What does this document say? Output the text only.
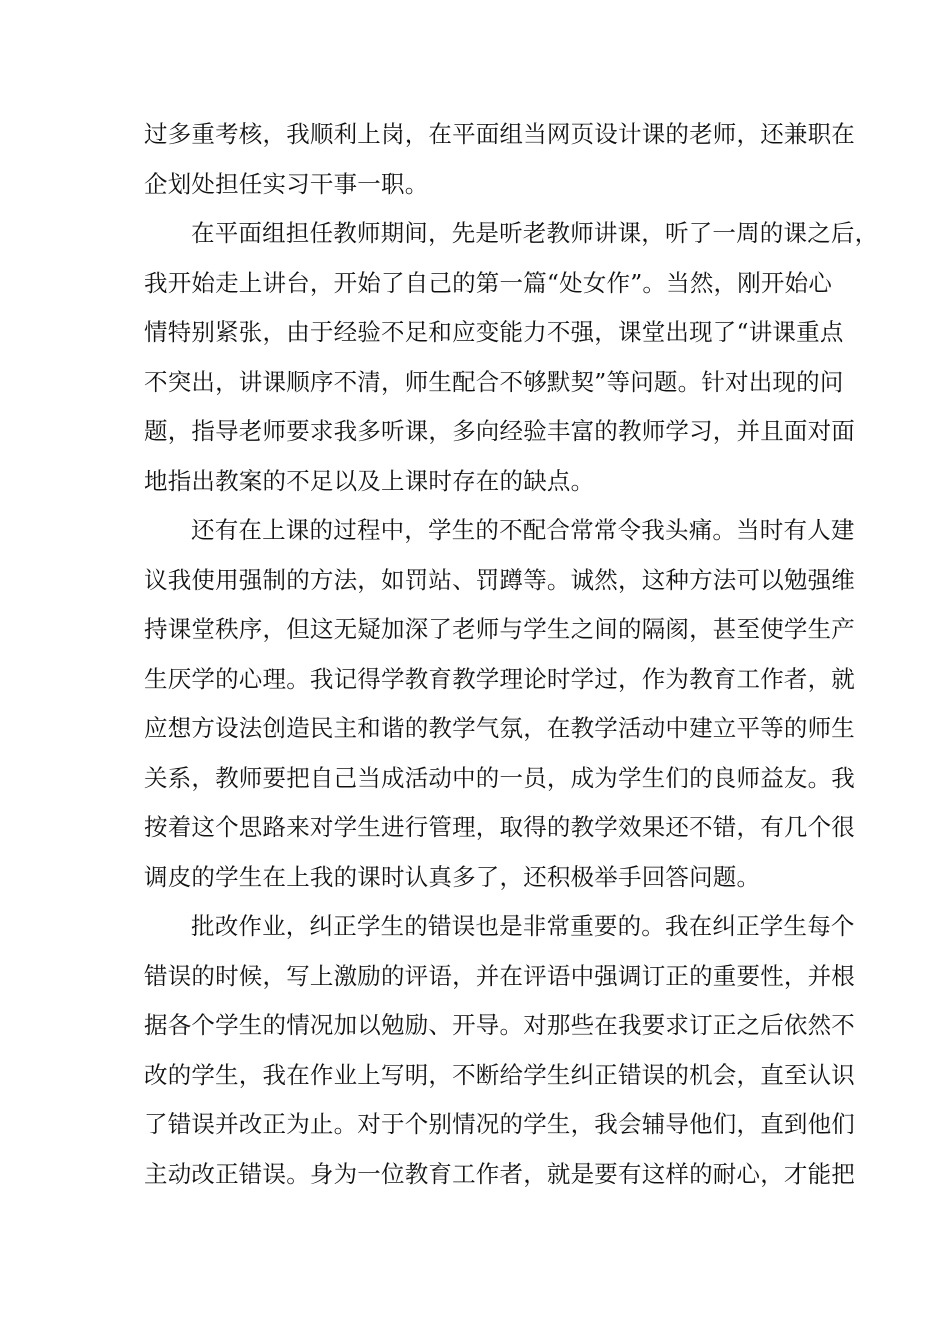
过多重考核，我顺利上岗，在平面组当网页设计课的老师，还兼职在
企划处担任实习干事一职。
在平面组担任教师期间，先是听老教师讲课，听了一周的课之后，
我开始走上讲台，开始了自己的第一篇“处女作”。当然，刚开始心
情特别紧张，由于经验不足和应变能力不强，课堂出现了“讲课重点
不突出，讲课顺序不清，师生配合不够默契”等问题。针对出现的问
题，指导老师要求我多听课，多向经验丰富的教师学习，并且面对面
地指出教案的不足以及上课时存在的缺点。
还有在上课的过程中，学生的不配合常常令我头痛。当时有人建
议我使用强制的方法，如罚站、罚蹲等。诚然，这种方法可以勉强维
持课堂秩序，但这无疑加深了老师与学生之间的隔阂，甚至使学生产
生厌学的心理。我记得学教育教学理论时学过，作为教育工作者，就
应想方设法创造民主和谐的教学气氛，在教学活动中建立平等的师生
关系，教师要把自己当成活动中的一员，成为学生们的良师益友。我
按着这个思路来对学生进行管理，取得的教学效果还不错，有几个很
调皮的学生在上我的课时认真多了，还积极举手回答问题。
批改作业，纠正学生的错误也是非常重要的。我在纠正学生每个
错误的时候，写上激励的评语，并在评语中强调订正的重要性，并根
据各个学生的情况加以勉励、开导。对那些在我要求订正之后依然不
改的学生，我在作业上写明，不断给学生纠正错误的机会，直至认识
了错误并改正为止。对于个别情况的学生，我会辅导他们，直到他们
主动改正错误。身为一位教育工作者，就是要有这样的耐心，才能把
